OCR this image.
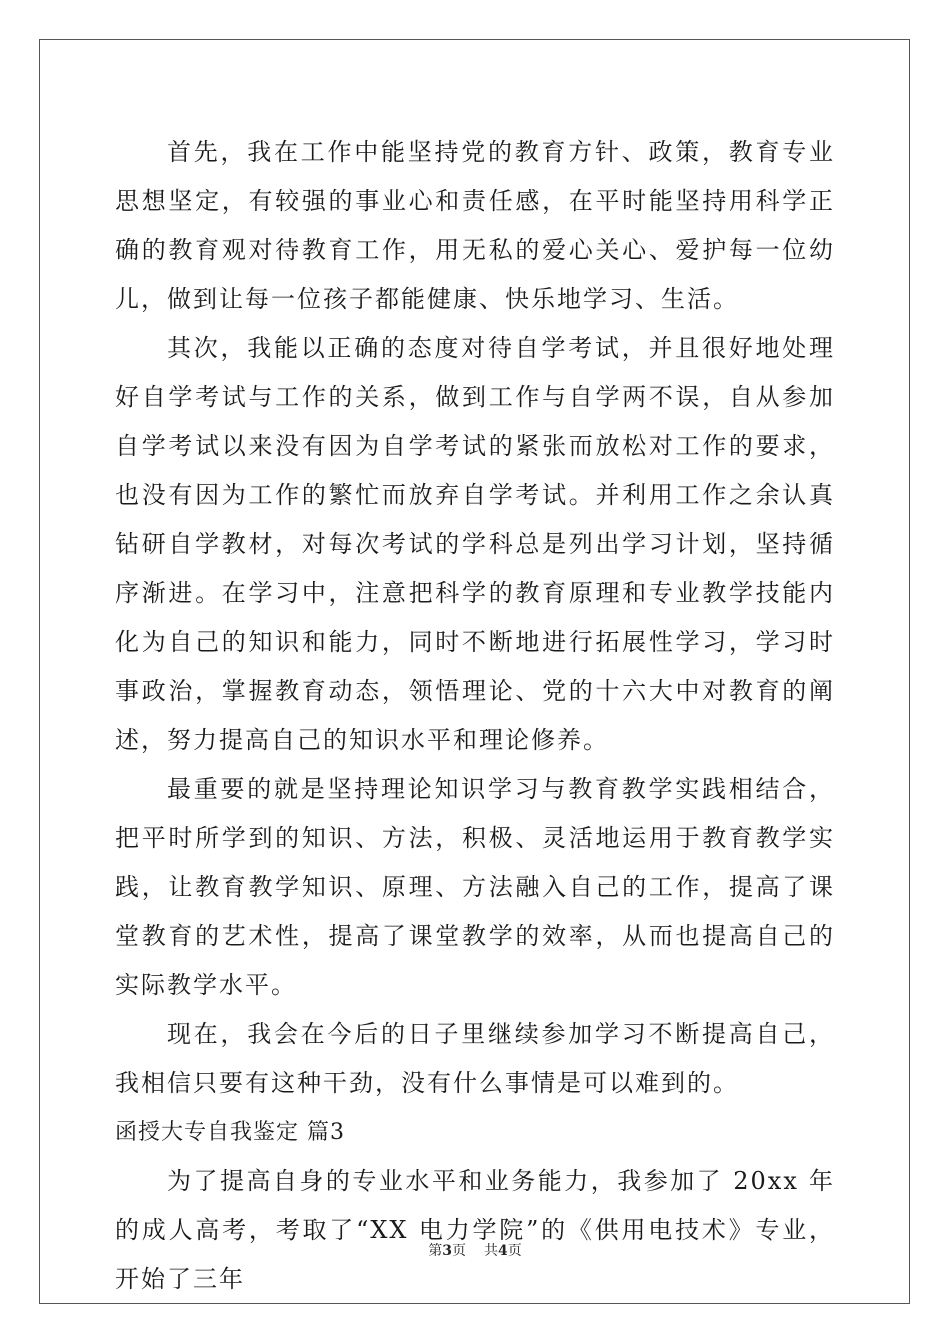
首先，我在工作中能坚持党的教育方针、政策，教育专业思想坚定，有较强的事业心和责任感，在平时能坚持用科学正确的教育观对待教育工作，用无私的爱心关心、爱护每一位幼儿，做到让每一位孩子都能健康、快乐地学习、生活。

其次，我能以正确的态度对待自学考试，并且很好地处理好自学考试与工作的关系，做到工作与自学两不误，自从参加自学考试以来没有因为自学考试的紧张而放松对工作的要求，也没有因为工作的繁忙而放弃自学考试。并利用工作之余认真钻研自学教材，对每次考试的学科总是列出学习计划，坚持循序渐进。在学习中，注意把科学的教育原理和专业教学技能内化为自己的知识和能力，同时不断地进行拓展性学习，学习时事政治，掌握教育动态，领悟理论、党的十六大中对教育的阐述，努力提高自己的知识水平和理论修养。

最重要的就是坚持理论知识学习与教育教学实践相结合，把平时所学到的知识、方法，积极、灵活地运用于教育教学实践，让教育教学知识、原理、方法融入自己的工作，提高了课堂教育的艺术性，提高了课堂教学的效率，从而也提高自己的实际教学水平。

现在，我会在今后的日子里继续参加学习不断提高自己，我相信只要有这种干劲，没有什么事情是可以难到的。

函授大专自我鉴定 篇3

为了提高自身的专业水平和业务能力，我参加了 20xx 年的成人高考，考取了“XX 电力学院”的《供用电技术》专业，开始了三年

第3页 共4页
